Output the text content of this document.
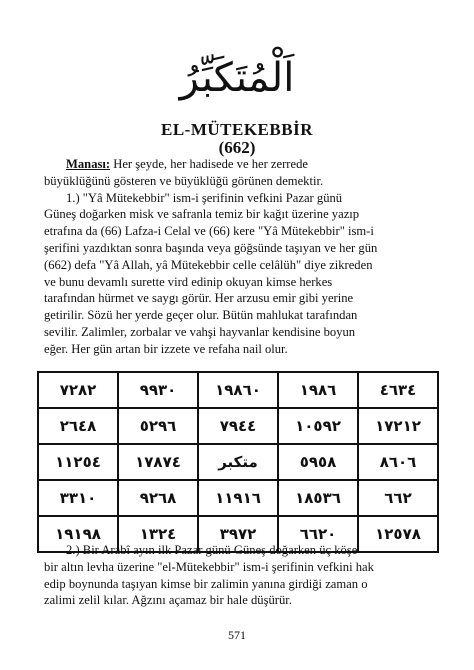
اَلْمُتَكَبِّرُ
EL-MÜTEKEBBİR
(662)
Manası: Her şeyde, her hadisede ve her zerrede
büyüklüğünü gösteren ve büyüklüğü görünen demektir.
1.) "Yâ Mütekebbir" ism-i şerifinin vefkini Pazar günü
Güneş doğarken misk ve safranla temiz bir kağıt üzerine yazıp
etrafına da (66) Lafza-i Celal ve (66) kere "Yâ Mütekebbir" ism-i
şerifini yazdıktan sonra başında veya göğsünde taşıyan ve her gün
(662) defa "Yâ Allah, yâ Mütekebbir celle celâlüh" diye zikreden
ve bunu devamlı surette vird edinip okuyan kimse herkes
tarafından hürmet ve saygı görür. Her arzusu emir gibi yerine
getirilir. Sözü her yerde geçer olur. Bütün mahlukat tarafından
sevilir. Zalimler, zorbalar ve vahşi hayvanlar kendisine boyun
eğer. Her gün artan bir izzete ve refaha nail olur.
٤٦٣٤	١٩٨٦	١٩٨٦٠	٩٩٣٠	٧٢٨٢
١٧٢١٢	١٠٥٩٢	٧٩٤٤	٥٢٩٦	٢٦٤٨
٨٦٠٦	٥٩٥٨	متكبر	١٧٨٧٤	١١٢٥٤
٦٦٢	١٨٥٣٦	١١٩١٦	٩٢٦٨	٣٣١٠
١٢٥٧٨	٦٦٢٠	٣٩٧٢	١٣٢٤	١٩١٩٨
2.) Bir Arabî ayın ilk Pazar günü Güneş doğarken üç köşe
bir altın levha üzerine "el-Mütekebbir" ism-i şerifinin vefkini hak
edip boynunda taşıyan kimse bir zalimin yanına girdiği zaman o
zalimi zelil kılar. Ağzını açamaz bir hale düşürür.
571
